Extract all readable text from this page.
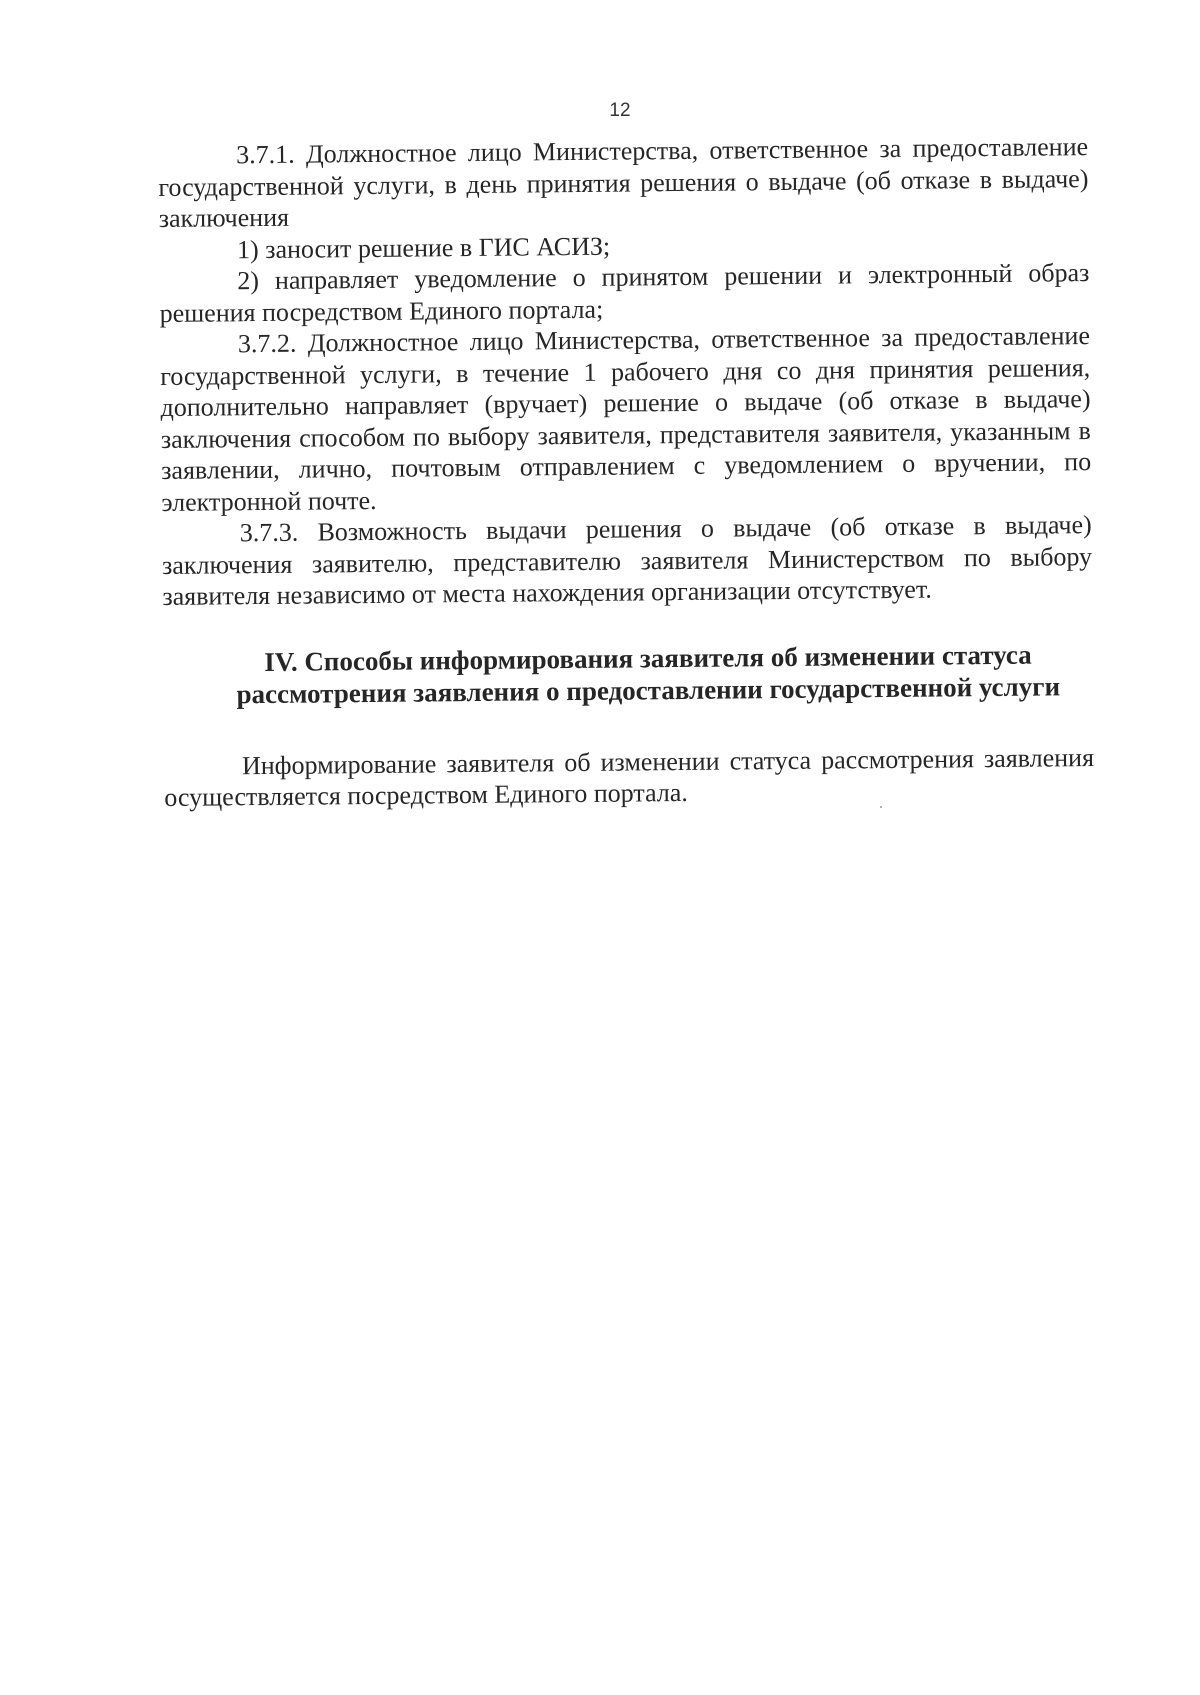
12

3.7.1. Должностное лицо Министерства, ответственное за предоставление государственной услуги, в день принятия решения о выдаче (об отказе в выдаче) заключения

1) заносит решение в ГИС АСИЗ;

2) направляет уведомление о принятом решении и электронный образ решения посредством Единого портала;

3.7.2. Должностное лицо Министерства, ответственное за предоставление государственной услуги, в течение 1 рабочего дня со дня принятия решения, дополнительно направляет (вручает) решение о выдаче (об отказе в выдаче) заключения способом по выбору заявителя, представителя заявителя, указанным в заявлении, лично, почтовым отправлением с уведомлением о вручении, по электронной почте.

3.7.3. Возможность выдачи решения о выдаче (об отказе в выдаче) заключения заявителю, представителю заявителя Министерством по выбору заявителя независимо от места нахождения организации отсутствует.

IV. Способы информирования заявителя об изменении статуса
рассмотрения заявления о предоставлении государственной услуги

Информирование заявителя об изменении статуса рассмотрения заявления осуществляется посредством Единого портала.
